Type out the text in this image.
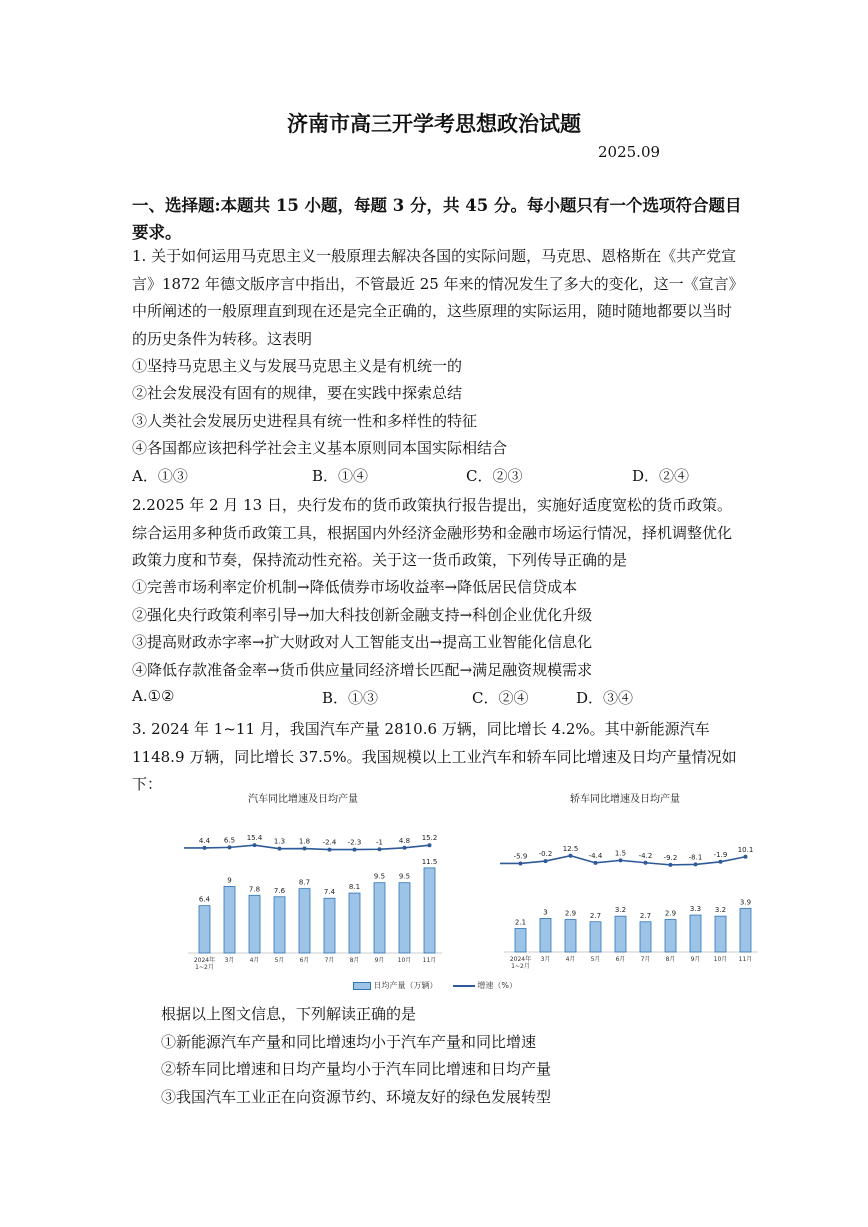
济南市高三开学考思想政治试题
2025.09
一、选择题:本题共 15 小题，每题 3 分，共 45 分。每小题只有一个选项符合题目要求。
1. 关于如何运用马克思主义一般原理去解决各国的实际问题，马克思、恩格斯在《共产党宣言》1872 年德文版序言中指出，不管最近 25 年来的情况发生了多大的变化，这一《宣言》中所阐述的一般原理直到现在还是完全正确的，这些原理的实际运用，随时随地都要以当时的历史条件为转移。这表明
①坚持马克思主义与发展马克思主义是有机统一的
②社会发展没有固有的规律，要在实践中探索总结
③人类社会发展历史进程具有统一性和多样性的特征
④各国都应该把科学社会主义基本原则同本国实际相结合
A．①③	B．①④	C．②③	D．②④
2.2025 年 2 月 13 日，央行发布的货币政策执行报告提出，实施好适度宽松的货币政策。综合运用多种货币政策工具，根据国内外经济金融形势和金融市场运行情况，择机调整优化政策力度和节奏，保持流动性充裕。关于这一货币政策，下列传导正确的是
①完善市场利率定价机制→降低债券市场收益率→降低居民信贷成本
②强化央行政策利率引导→加大科技创新金融支持→科创企业优化升级
③提高财政赤字率→扩大财政对人工智能支出→提高工业智能化信息化
④降低存款准备金率→货币供应量同经济增长匹配→满足融资规模需求
A.①②	B．①③	C．②④	D．③④
3. 2024 年 1~11 月，我国汽车产量 2810.6 万辆，同比增长 4.2%。其中新能源汽车 1148.9 万辆，同比增长 37.5%。我国规模以上工业汽车和轿车同比增速及日均产量情况如下：
汽车同比增速及日均产量	轿车同比增速及日均产量
6.4
2024年
1~2月
9
3月
7.8
4月
7.6
5月
8.7
6月
7.4
7月
8.1
8月
9.5
9月
9.5
10月
11.5
11月
4.4 6.5 15.4 1.3 1.8 -2.4 -2.3 -1 4.8 15.2
2.1
2024年
1~2月
3
3月
2.9
4月
2.7
5月
3.2
6月
2.7
7月
2.9
8月
3.3
9月
3.2
10月
3.9
11月
-5.9 -0.2
12.5
-4.4 1.5 -4.2 -9.2 -8.1 -1.9
10.1
日均产量（万辆）	增速（%）
根据以上图文信息，下列解读正确的是
①新能源汽车产量和同比增速均小于汽车产量和同比增速
②轿车同比增速和日均产量均小于汽车同比增速和日均产量
③我国汽车工业正在向资源节约、环境友好的绿色发展转型
